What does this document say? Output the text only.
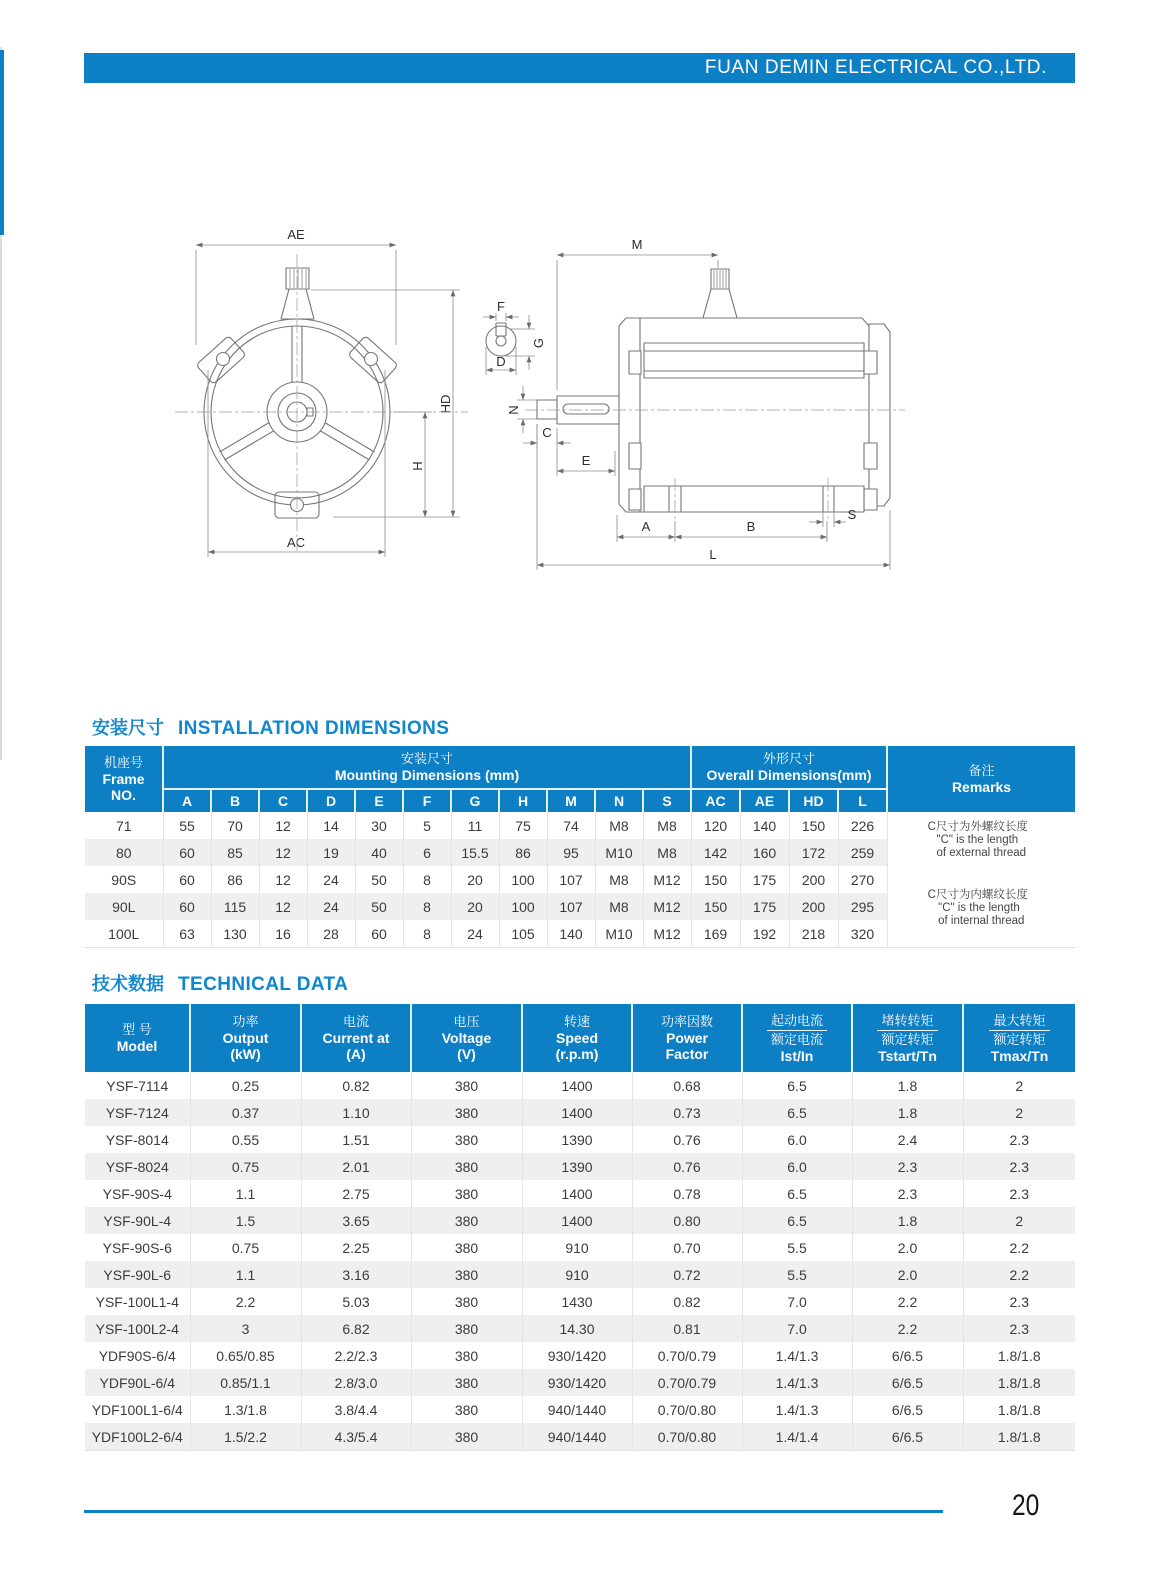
FUAN DEMIN ELECTRICAL CO.,LTD.
AE
HD
H
AC
F
G
D
N
C
E
M
A	B
S
L
安装尺寸 INSTALLATION DIMENSIONS
机座号
Frame
NO.

安装尺寸
Mounting Dimensions (mm)

外形尺寸
Overall Dimensions(mm)	备注
Remarks

	A	B	C	D	E	F	G	H	M	N	S	AC	AE	HD	L	
71	55	70	12	14	30	5	11	75	74	M8	M8	120	140	150	226	C尺寸为外螺纹长度
"C" is the length
of external thread

80	60	85	12	19	40	6	15.5	86	95	M10	M8	142	160	172	259	
90S	60	86	12	24	50	8	20	100	107	M8	M12	150	175	200	270	C尺寸为内螺纹长度
"C" is the length
of internal thread

90L	60	115	12	24	50	8	20	100	107	M8	M12	150	175	200	295	
100L	63	130	16	28	60	8	24	105	140	M10	M12	169	192	218	320	
技术数据 TECHNICAL DATA
型 号
Model

功率
Output
(kW)

电流
Current at
(A)

电压
Voltage
(V)

转速
Speed
(r.p.m)

功率因数
Power
Factor

起动电流
额定电流
Ist/In

堵转转矩
额定转矩
Tstart/Tn

最大转矩
额定转矩
Tmax/Tn

YSF-7114	0.25	0.82	380	1400	0.68	6.5	1.8	2
YSF-7124	0.37	1.10	380	1400	0.73	6.5	1.8	2
YSF-8014	0.55	1.51	380	1390	0.76	6.0	2.4	2.3
YSF-8024	0.75	2.01	380	1390	0.76	6.0	2.3	2.3
YSF-90S-4	1.1	2.75	380	1400	0.78	6.5	2.3	2.3
YSF-90L-4	1.5	3.65	380	1400	0.80	6.5	1.8	2
YSF-90S-6	0.75	2.25	380	910	0.70	5.5	2.0	2.2
YSF-90L-6	1.1	3.16	380	910	0.72	5.5	2.0	2.2
YSF-100L1-4	2.2	5.03	380	1430	0.82	7.0	2.2	2.3
YSF-100L2-4	3	6.82	380	14.30	0.81	7.0	2.2	2.3
YDF90S-6/4	0.65/0.85	2.2/2.3	380	930/1420	0.70/0.79	1.4/1.3	6/6.5	1.8/1.8
YDF90L-6/4	0.85/1.1	2.8/3.0	380	930/1420	0.70/0.79	1.4/1.3	6/6.5	1.8/1.8
YDF100L1-6/4	1.3/1.8	3.8/4.4	380	940/1440	0.70/0.80	1.4/1.3	6/6.5	1.8/1.8
YDF100L2-6/4	1.5/2.2	4.3/5.4	380	940/1440	0.70/0.80	1.4/1.4	6/6.5	1.8/1.8
20
